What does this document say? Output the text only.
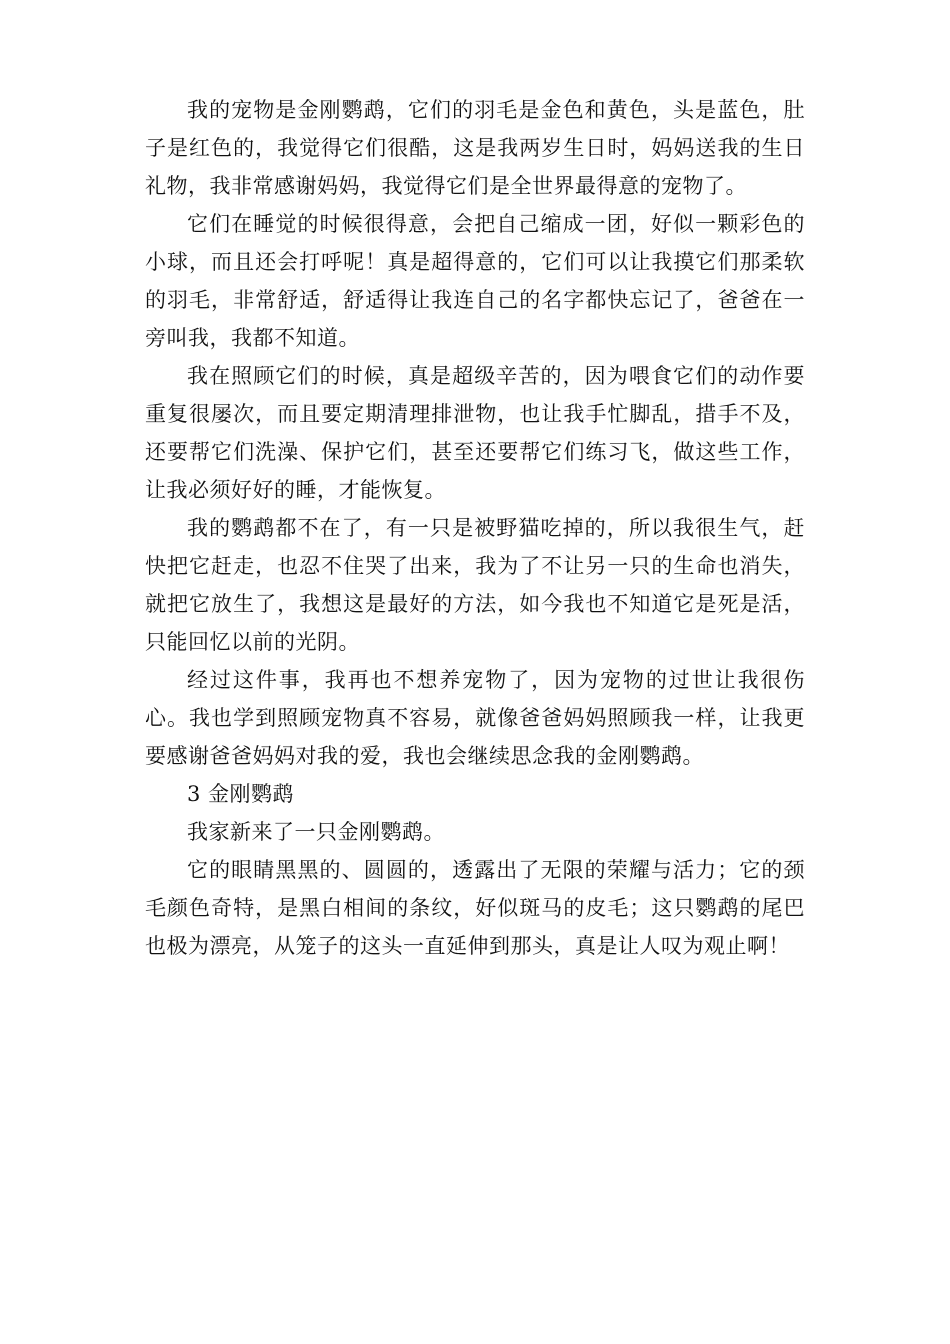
我的宠物是金刚鹦鹉，它们的羽毛是金色和黄色，头是蓝色，肚子是红色的，我觉得它们很酷，这是我两岁生日时，妈妈送我的生日礼物，我非常感谢妈妈，我觉得它们是全世界最得意的宠物了。

它们在睡觉的时候很得意，会把自己缩成一团，好似一颗彩色的小球，而且还会打呼呢！真是超得意的，它们可以让我摸它们那柔软的羽毛，非常舒适，舒适得让我连自己的名字都快忘记了，爸爸在一旁叫我，我都不知道。

我在照顾它们的时候，真是超级辛苦的，因为喂食它们的动作要重复很屡次，而且要定期清理排泄物，也让我手忙脚乱，措手不及，还要帮它们洗澡、保护它们，甚至还要帮它们练习飞，做这些工作，让我必须好好的睡，才能恢复。

我的鹦鹉都不在了，有一只是被野猫吃掉的，所以我很生气，赶快把它赶走，也忍不住哭了出来，我为了不让另一只的生命也消失，就把它放生了，我想这是最好的方法，如今我也不知道它是死是活，只能回忆以前的光阴。

经过这件事，我再也不想养宠物了，因为宠物的过世让我很伤心。我也学到照顾宠物真不容易，就像爸爸妈妈照顾我一样，让我更要感谢爸爸妈妈对我的爱，我也会继续思念我的金刚鹦鹉。

3 金刚鹦鹉

我家新来了一只金刚鹦鹉。

它的眼睛黑黑的、圆圆的，透露出了无限的荣耀与活力；它的颈毛颜色奇特，是黑白相间的条纹，好似斑马的皮毛；这只鹦鹉的尾巴也极为漂亮，从笼子的这头一直延伸到那头，真是让人叹为观止啊！
